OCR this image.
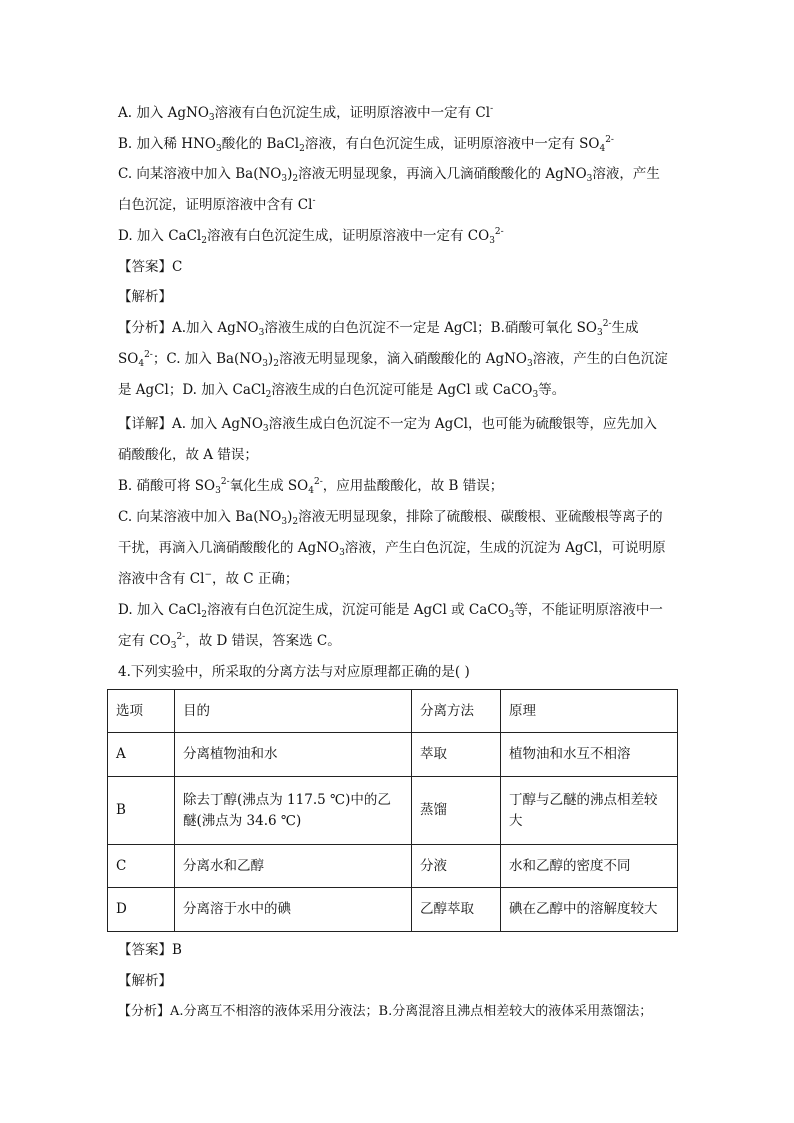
A. 加入 AgNO$_3$溶液有白色沉淀生成，证明原溶液中一定有 Cl-
B. 加入稀 $HNO_3$酸化的 BaCl$_2$溶液，有白色沉淀生成，证明原溶液中一定有 $SO_4^{2-}$
C. 向某溶液中加入 $Ba(NO_3)_2$溶液无明显现象，再滴入几滴硝酸酸化的 AgNO$_3$溶液，产生
白色沉淀，证明原溶液中含有 Cl-
D. 加入 CaCl$_2$溶液有白色沉淀生成，证明原溶液中一定有 $CO_3^{2-}$
【答案】C
【解析】
【分析】A.加入 AgNO$_3$溶液生成的白色沉淀不一定是 AgCl；B.硝酸可氧化 $SO_3^{2-}$生成
$SO_4^{2-}$；C. 加入 $Ba(NO_3)_2$溶液无明显现象，滴入硝酸酸化的 AgNO$_3$溶液，产生的白色沉淀
是 AgCl；D. 加入 CaCl$_2$溶液生成的白色沉淀可能是 AgCl 或 CaCO$_3$等。
【详解】A. 加入 AgNO$_3$溶液生成白色沉淀不一定为 AgCl，也可能为硫酸银等，应先加入
硝酸酸化，故 A 错误；
B. 硝酸可将 $SO_3^{2-}$氧化生成 $SO_4^{2-}$，应用盐酸酸化，故 B 错误；
C. 向某溶液中加入 $Ba(NO_3)_2$溶液无明显现象，排除了硫酸根、碳酸根、亚硫酸根等离子的
干扰，再滴入几滴硝酸酸化的 AgNO$_3$溶液，产生白色沉淀，生成的沉淀为 AgCl，可说明原
溶液中含有 Cl−，故 C 正确；
D. 加入 CaCl$_2$溶液有白色沉淀生成，沉淀可能是 AgCl 或 CaCO$_3$等，不能证明原溶液中一
定有 $CO_3^{2-}$，故 D 错误，答案选 C。
4.下列实验中，所采取的分离方法与对应原理都正确的是( )
选项	目的	分离方法	原理
A	分离植物油和水	萃取	植物油和水互不相溶
B	除去丁醇(沸点为 117.5 ℃)中的乙醚(沸点为 34.6 ℃)	蒸馏	丁醇与乙醚的沸点相差较大
C	分离水和乙醇	分液	水和乙醇的密度不同
D	分离溶于水中的碘	乙醇萃取	碘在乙醇中的溶解度较大
【答案】B
【解析】
【分析】A.分离互不相溶的液体采用分液法；B.分离混溶且沸点相差较大的液体采用蒸馏法；
